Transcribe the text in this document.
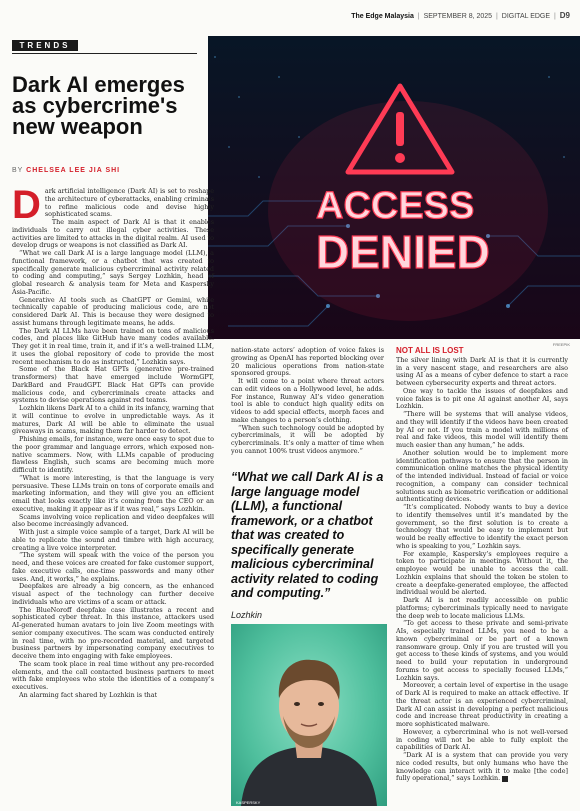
The Edge Malaysia | SEPTEMBER 8, 2025 | DIGITAL EDGE | D9
TRENDS
Dark AI emerges as cybercrime's new weapon
BY CHELSEA LEE JIA SHI
ACCESS
DENIED
FREEPIK

Dark artificial intelligence (Dark AI) is set to reshape the architecture of cyberattacks, enabling criminals to refine malicious code and devise highly sophisticated scams.

The main aspect of Dark AI is that it enables individuals to carry out illegal cyber activities. These activities are limited to attacks in the digital realm. AI used to develop drugs or weapons is not classified as Dark AI.

“What we call Dark AI is a large language model (LLM), a functional framework, or a chatbot that was created to specifically generate malicious cybercriminal activity related to coding and computing,” says Sergey Lozhkin, head of global research & analysis team for Meta and Kaspersky Asia-Pacific.

Generative AI tools such as ChatGPT or Gemini, while technically capable of producing malicious code, are not considered Dark AI. This is because they were designed to assist humans through legitimate means, he adds.

The Dark AI LLMs have been trained on tons of malicious codes, and places like GitHub have many codes available. They get it in real time, train it, and if it’s a well-trained LLM, it uses the global repository of code to provide the most recent mechanism to do as instructed,” Lozhkin says.

Some of the Black Hat GPTs (generative pre-trained transformers) that have emerged include WormGPT, DarkBard and FraudGPT. Black Hat GPTs can provide malicious code, and cybercriminals create attacks and systems to devise operations against red teams.

Lozhkin likens Dark AI to a child in its infancy, warning that it will continue to evolve in unpredictable ways. As it matures, Dark AI will be able to eliminate the usual giveaways in scams, making them far harder to detect.

Phishing emails, for instance, were once easy to spot due to the poor grammar and language errors, which exposed non-native scammers. Now, with LLMs capable of producing flawless English, such scams are becoming much more difficult to identify.

“What is more interesting, is that the language is very persuasive. These LLMs train on tons of corporate emails and marketing information, and they will give you an efficient email that looks exactly like it’s coming from the CEO or an executive, making it appear as if it was real,” says Lozhkin.

Scams involving voice replication and video deepfakes will also become increasingly advanced.

With just a simple voice sample of a target, Dark AI will be able to replicate the sound and timbre with high accuracy, creating a live voice interpreter.

“The system will speak with the voice of the person you need, and these voices are created for fake customer support, fake executive calls, one-time passwords and many other uses. And, it works,” he explains.

Deepfakes are already a big concern, as the enhanced visual aspect of the technology can further deceive individuals who are victims of a scam or attack.

The BlueNoroff deepfake case illustrates a recent and sophisticated cyber threat. In this instance, attackers used AI-generated human avatars to join live Zoom meetings with senior company executives. The scam was conducted entirely in real time, with no pre-recorded material, and targeted business partners by impersonating company executives to deceive them into engaging with fake employees.

The scam took place in real time without any pre-recorded elements, and the call contacted business partners to meet with fake employees who stole the identities of a company’s executives.

An alarming fact shared by Lozhkin is that

nation-state actors’ adoption of voice fakes is growing as OpenAI has reported blocking over 20 malicious operations from nation-state sponsored groups.

It will come to a point where threat actors can edit videos on a Hollywood level, he adds. For instance, Runway AI’s video generation tool is able to conduct high quality edits on videos to add special effects, morph faces and make changes to a person’s clothing.

“When such technology could be adopted by cybercriminals, it will be adopted by cybercriminals. It’s only a matter of time when you cannot 100% trust videos anymore.”

“What we call Dark AI is a large language model (LLM), a functional framework, or a chatbot that was created to specifically generate malicious cybercriminal activity related to coding and computing.”
Lozhkin
KASPERSKY
NOT ALL IS LOST

The silver lining with Dark AI is that it is currently in a very nascent stage, and researchers are also using AI as a means of cyber defence to start a race between cybersecurity experts and threat actors.

One way to tackle the issues of deepfakes and voice fakes is to pit one AI against another AI, says Lozhkin.

“There will be systems that will analyse videos, and they will identify if the videos have been created by AI or not. If you train a model with millions of real and fake videos, this model will identify them much easier than any human,” he adds.

Another solution would be to implement more identification pathways to ensure that the person in communication online matches the physical identity of the intended individual. Instead of facial or voice recognition, a company can consider technical solutions such as biometric verification or additional authenticating devices.

“It’s complicated. Nobody wants to buy a device to identify themselves until it’s mandated by the government, so the first solution is to create a technology that would be easy to implement but would be really effective to identify the exact person who is speaking to you,” Lozhkin says.

For example, Kaspersky’s employees require a token to participate in meetings. Without it, the employee would be unable to access the call. Lozhkin explains that should the token be stolen to create a deepfake-generated employee, the affected individual would be alerted.

Dark AI is not readily accessible on public platforms; cybercriminals typically need to navigate the deep web to locate malicious LLMs.

“To get access to these private and semi-private AIs, especially trained LLMs, you need to be a known cybercriminal or be part of a known ransomware group. Only if you are trusted will you get access to these kinds of systems, and you would need to build your reputation in underground forums to get access to specially focused LLMs,” Lozhkin says.

Moreover, a certain level of expertise in the usage of Dark AI is required to make an attack effective. If the threat actor is an experienced cybercriminal, Dark AI can assist in developing a perfect malicious code and increase threat productivity in creating a more sophisticated malware.

However, a cybercriminal who is not well-versed in coding will not be able to fully exploit the capabilities of Dark AI.

“Dark AI is a system that can provide you very nice coded results, but only humans who have the knowledge can interact with it to make [the code] fully operational,” says Lozhkin. E
